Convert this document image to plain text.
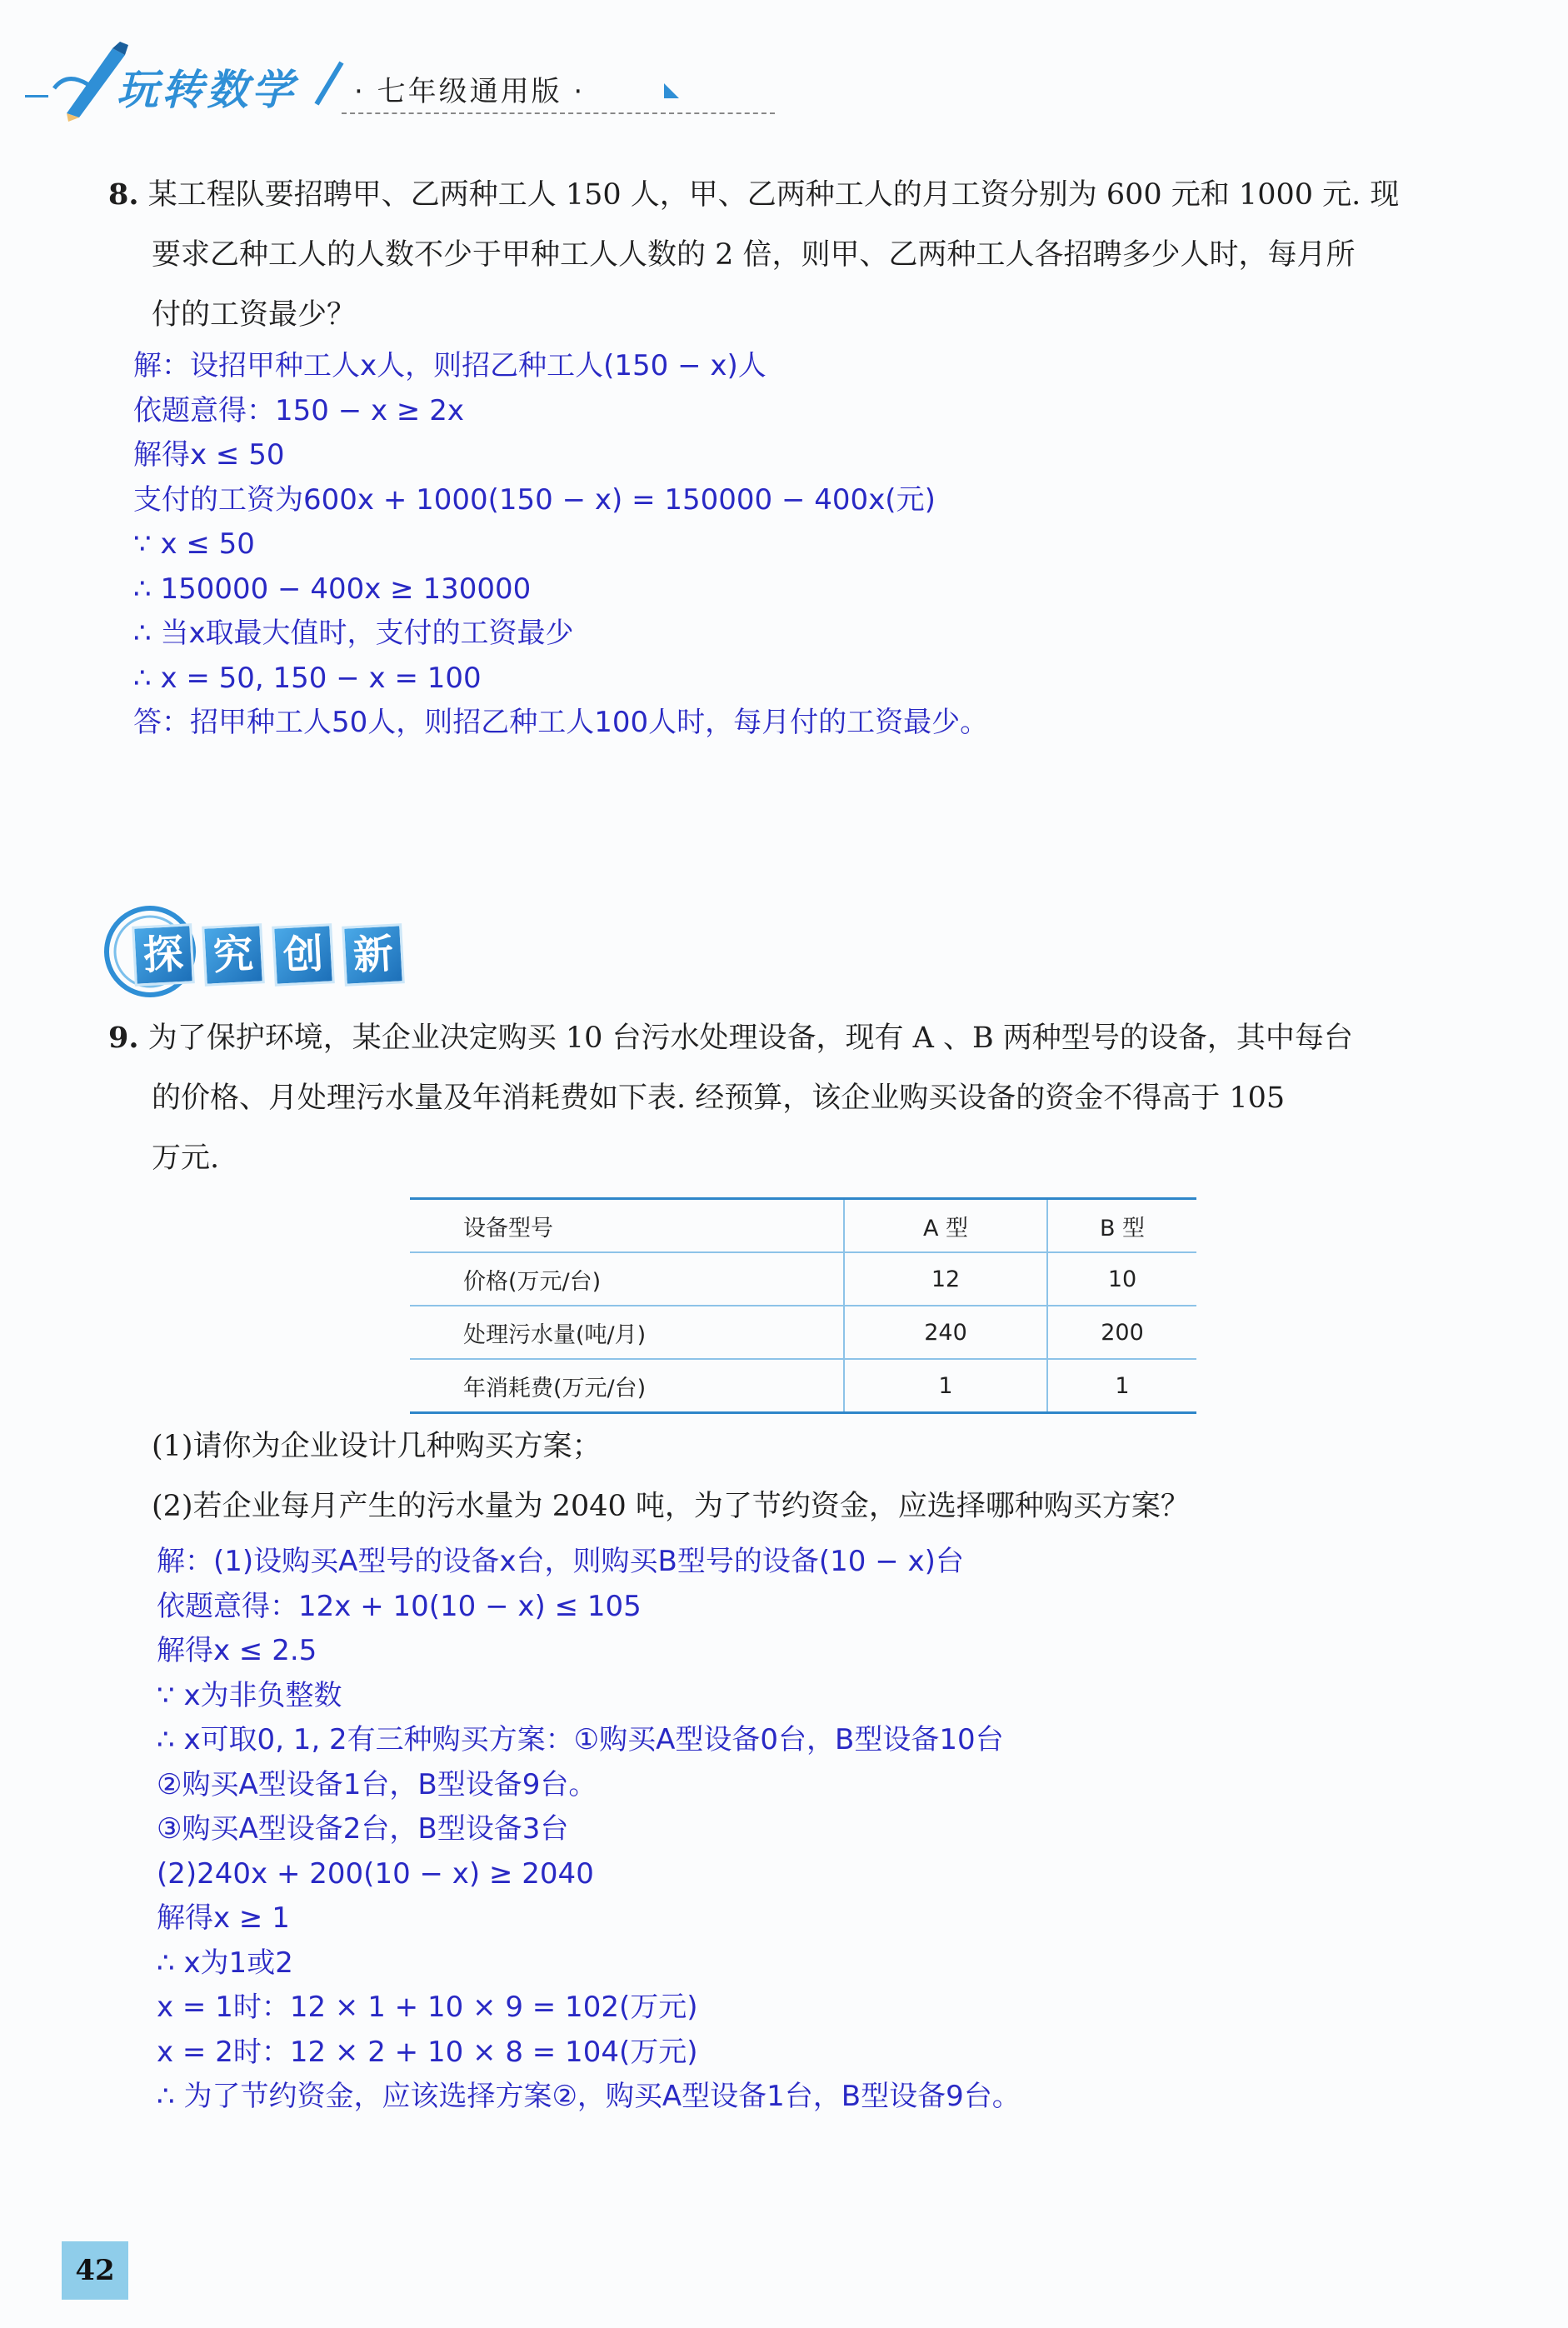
玩转数学 · 七年级通用版 ·
8. 某工程队要招聘甲、乙两种工人 150 人，甲、乙两种工人的月工资分别为 600 元和 1000 元. 现
要求乙种工人的人数不少于甲种工人人数的 2 倍，则甲、乙两种工人各招聘多少人时，每月所
付的工资最少？
解：设招甲种工人x人，则招乙种工人(150 − x)人
依题意得：150 − x ≥ 2x
解得x ≤ 50
支付的工资为600x + 1000(150 − x) = 150000 − 400x(元)
∵ x ≤ 50
∴ 150000 − 400x ≥ 130000
∴ 当x取最大值时，支付的工资最少
∴ x = 50, 150 − x = 100
答：招甲种工人50人，则招乙种工人100人时，每月付的工资最少。
探 究 创 新
9. 为了保护环境，某企业决定购买 10 台污水处理设备，现有 A 、B 两种型号的设备，其中每台
的价格、月处理污水量及年消耗费如下表. 经预算，该企业购买设备的资金不得高于 105
万元.
设备型号	A 型	B 型
价格(万元/台)	12	10
处理污水量(吨/月)	240	200
年消耗费(万元/台)	1	1
(1)请你为企业设计几种购买方案；
(2)若企业每月产生的污水量为 2040 吨，为了节约资金，应选择哪种购买方案？
解：(1)设购买A型号的设备x台，则购买B型号的设备(10 − x)台
依题意得：12x + 10(10 − x) ≤ 105
解得x ≤ 2.5
∵ x为非负整数
∴ x可取0, 1, 2有三种购买方案：①购买A型设备0台，B型设备10台
②购买A型设备1台，B型设备9台。
③购买A型设备2台，B型设备3台
(2)240x + 200(10 − x) ≥ 2040
解得x ≥ 1
∴ x为1或2
x = 1时：12 × 1 + 10 × 9 = 102(万元)
x = 2时：12 × 2 + 10 × 8 = 104(万元)
∴ 为了节约资金，应该选择方案②，购买A型设备1台，B型设备9台。
42
